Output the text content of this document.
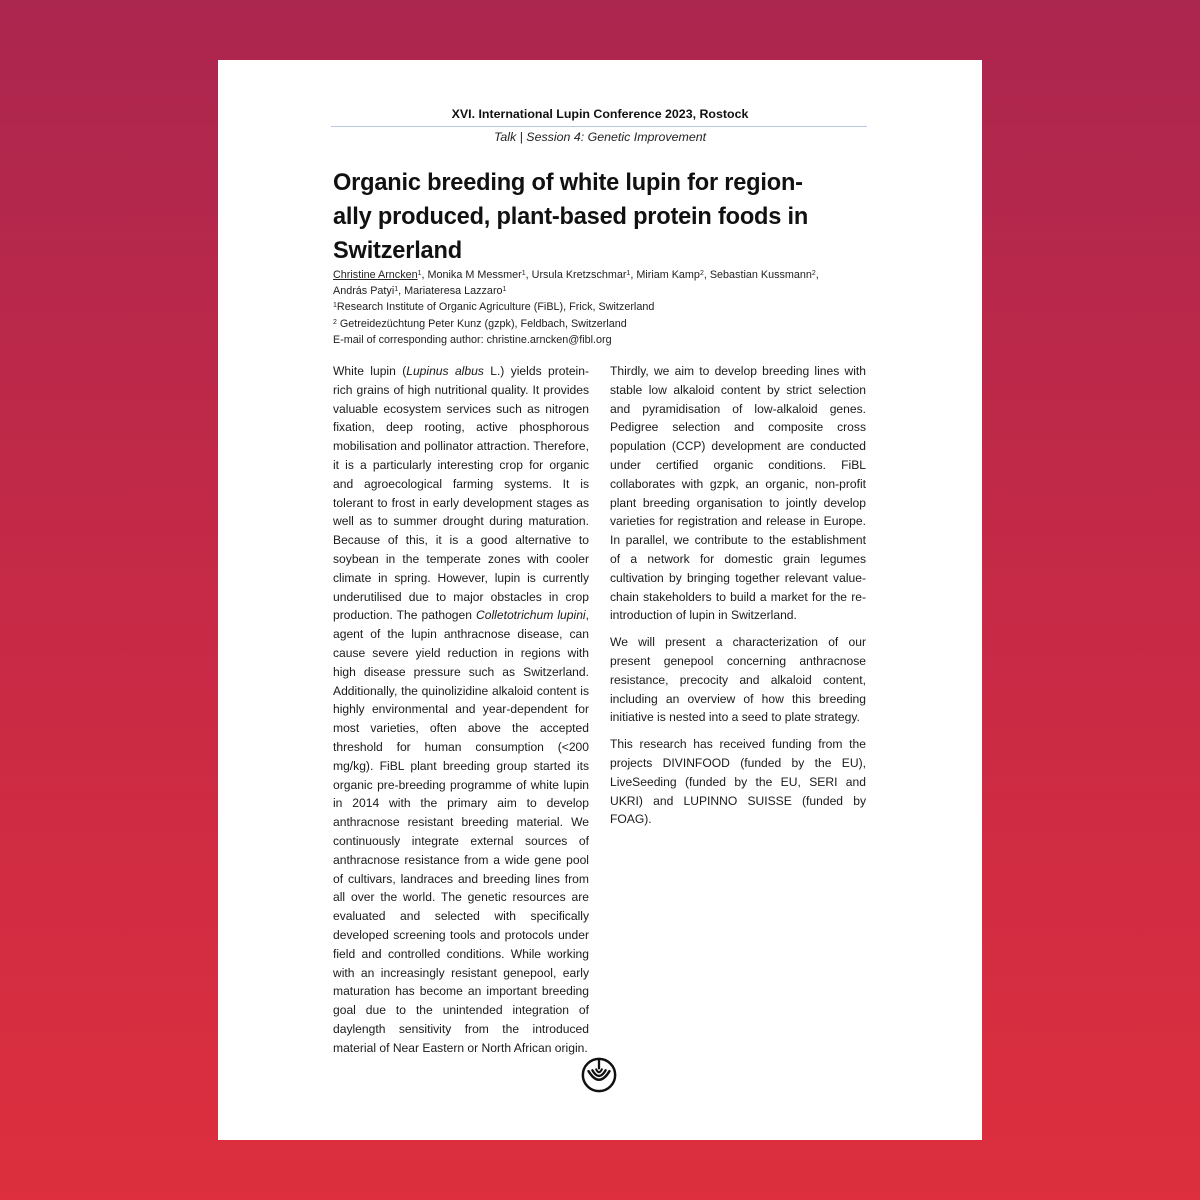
XVI. International Lupin Conference 2023, Rostock
Talk | Session 4: Genetic Improvement
Organic breeding of white lupin for region-
ally produced, plant-based protein foods in
Switzerland
Christine Arncken$^1$, Monika M Messmer$^1$, Ursula Kretzschmar$^1$, Miriam Kamp$^2$, Sebastian Kussmann$^2$,
András Patyi$^1$, Mariateresa Lazzaro$^1$
$^1$Research Institute of Organic Agriculture (FiBL), Frick, Switzerland
$^2$ Getreidezüchtung Peter Kunz (gzpk), Feldbach, Switzerland
E-mail of corresponding author: christine.arncken@fibl.org

White lupin (Lupinus albus L.) yields protein-rich grains of high nutritional quality. It provides valuable ecosystem services such as nitrogen fixation, deep rooting, active phosphorous mobilisation and pollinator attraction. Therefore, it is a particularly interesting crop for organic and agroecological farming systems. It is tolerant to frost in early development stages as well as to summer drought during maturation. Because of this, it is a good alternative to soybean in the temperate zones with cooler climate in spring. However, lupin is currently underutilised due to major obstacles in crop production. The pathogen Colletotrichum lupini, agent of the lupin anthracnose disease, can cause severe yield reduction in regions with high disease pressure such as Switzerland. Additionally, the quinolizidine alkaloid content is highly environmental and year-dependent for most varieties, often above the accepted threshold for human consumption (<200 mg/kg). FiBL plant breeding group started its organic pre-breeding programme of white lupin in 2014 with the primary aim to develop anthracnose resistant breeding material. We continuously integrate external sources of anthracnose resistance from a wide gene pool of cultivars, landraces and breeding lines from all over the world. The genetic resources are evaluated and selected with specifically developed screening tools and protocols under field and controlled conditions. While working with an increasingly resistant genepool, early maturation has become an important breeding goal due to the unintended integration of daylength sensitivity from the introduced material of Near Eastern or North African origin.

Thirdly, we aim to develop breeding lines with stable low alkaloid content by strict selection and pyramidisation of low-alkaloid genes. Pedigree selection and composite cross population (CCP) development are conducted under certified organic conditions. FiBL collaborates with gzpk, an organic, non-profit plant breeding organisation to jointly develop varieties for registration and release in Europe. In parallel, we contribute to the establishment of a network for domestic grain legumes cultivation by bringing together relevant value-chain stakeholders to build a market for the re-introduction of lupin in Switzerland.

We will present a characterization of our present genepool concerning anthracnose resistance, precocity and alkaloid content, including an overview of how this breeding initiative is nested into a seed to plate strategy.

This research has received funding from the projects DIVINFOOD (funded by the EU), LiveSeeding (funded by the EU, SERI and UKRI) and LUPINNO SUISSE (funded by FOAG).
